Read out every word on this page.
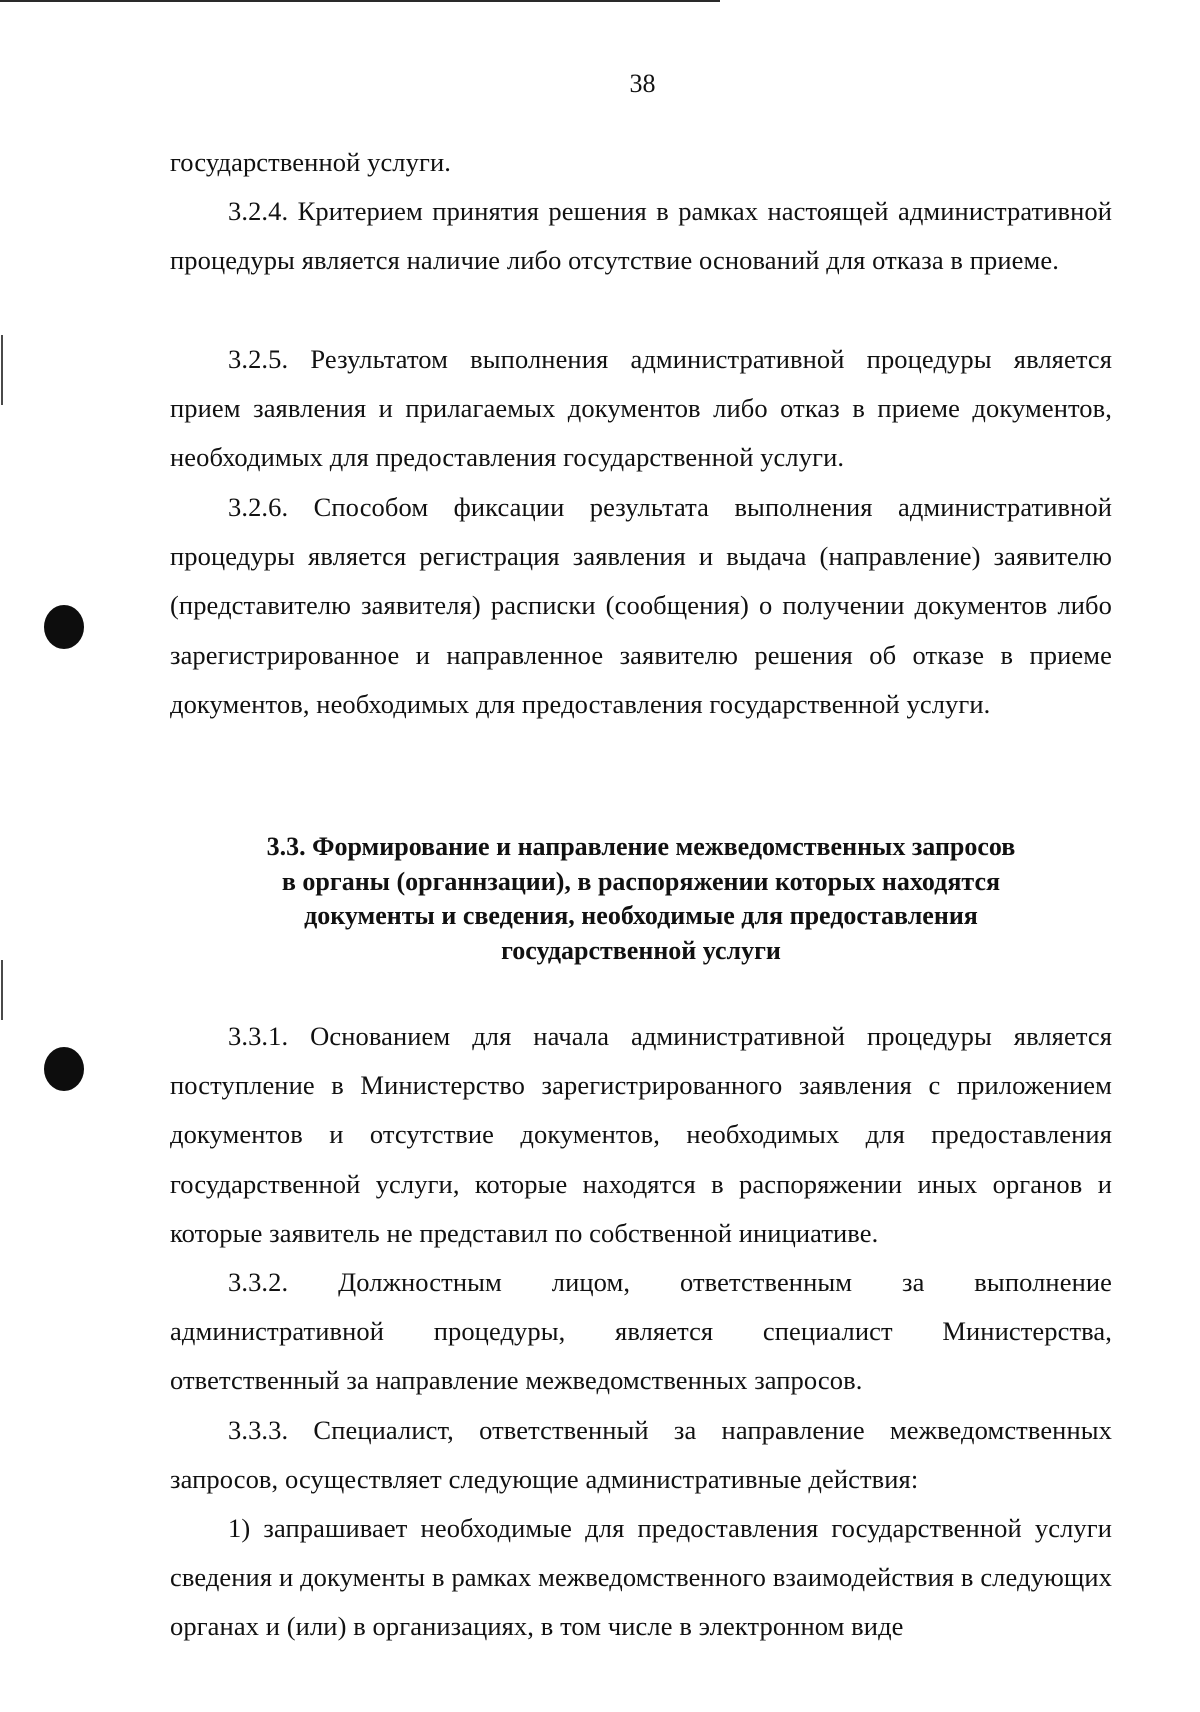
38

государственной услуги.

3.2.4. Критерием принятия решения в рамках настоящей административной процедуры является наличие либо отсутствие оснований для отказа в приеме.

3.2.5. Результатом выполнения административной процедуры является прием заявления и прилагаемых документов либо отказ в приеме документов, необходимых для предоставления государственной услуги.

3.2.6. Способом фиксации результата выполнения административной процедуры является регистрация заявления и выдача (направление) заявителю (представителю заявителя) расписки (сообщения) о получении документов либо зарегистрированное и направленное заявителю решения об отказе в приеме документов, необходимых для предоставления государственной услуги.

3.3. Формирование и направление межведомственных запросов
в органы (органнзации), в распоряжении которых находятся
документы и сведения, необходимые для предоставления
государственной услуги

3.3.1. Основанием для начала административной процедуры является поступление в Министерство зарегистрированного заявления с приложением документов и отсутствие документов, необходимых для предоставления государственной услуги, которые находятся в распоряжении иных органов и которые заявитель не представил по собственной инициативе.

3.3.2. Должностным лицом, ответственным за выполнение административной процедуры, является специалист Министерства, ответственный за направление межведомственных запросов.

3.3.3. Специалист, ответственный за направление межведомственных запросов, осуществляет следующие административные действия:

1) запрашивает необходимые для предоставления государственной услуги сведения и документы в рамках межведомственного взаимодействия в следующих органах и (или) в организациях, в том числе в электронном виде
